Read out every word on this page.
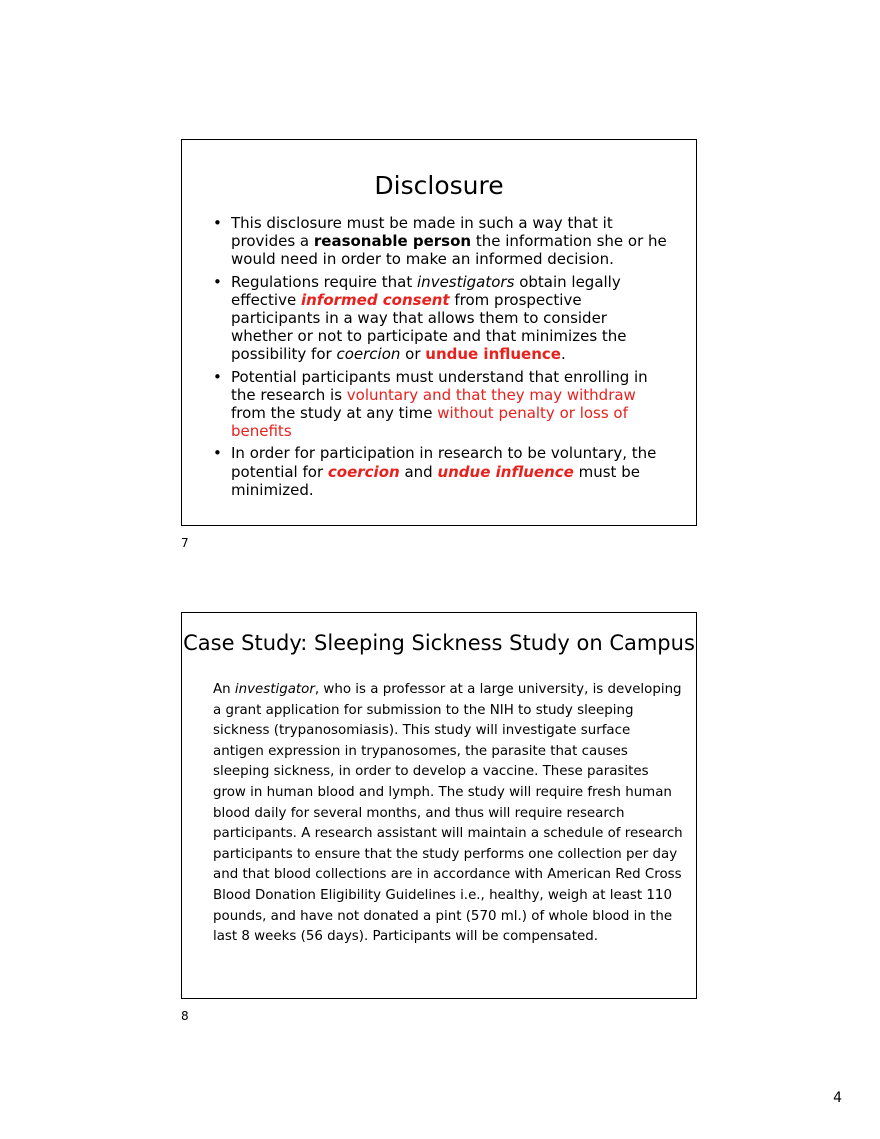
Disclosure
• This disclosure must be made in such a way that it provides a reasonable person the information she or he would need in order to make an informed decision.
• Regulations require that investigators obtain legally effective informed consent from prospective participants in a way that allows them to consider whether or not to participate and that minimizes the possibility for coercion or undue influence.
• Potential participants must understand that enrolling in the research is voluntary and that they may withdraw from the study at any time without penalty or loss of benefits
• In order for participation in research to be voluntary, the potential for coercion and undue influence must be minimized.
7
Case Study: Sleeping Sickness Study on Campus

An investigator, who is a professor at a large university, is developing a grant application for submission to the NIH to study sleeping sickness (trypanosomiasis). This study will investigate surface antigen expression in trypanosomes, the parasite that causes sleeping sickness, in order to develop a vaccine. These parasites grow in human blood and lymph. The study will require fresh human blood daily for several months, and thus will require research participants. A research assistant will maintain a schedule of research participants to ensure that the study performs one collection per day and that blood collections are in accordance with American Red Cross Blood Donation Eligibility Guidelines i.e., healthy, weigh at least 110 pounds, and have not donated a pint (570 ml.) of whole blood in the last 8 weeks (56 days). Participants will be compensated.

8
4
